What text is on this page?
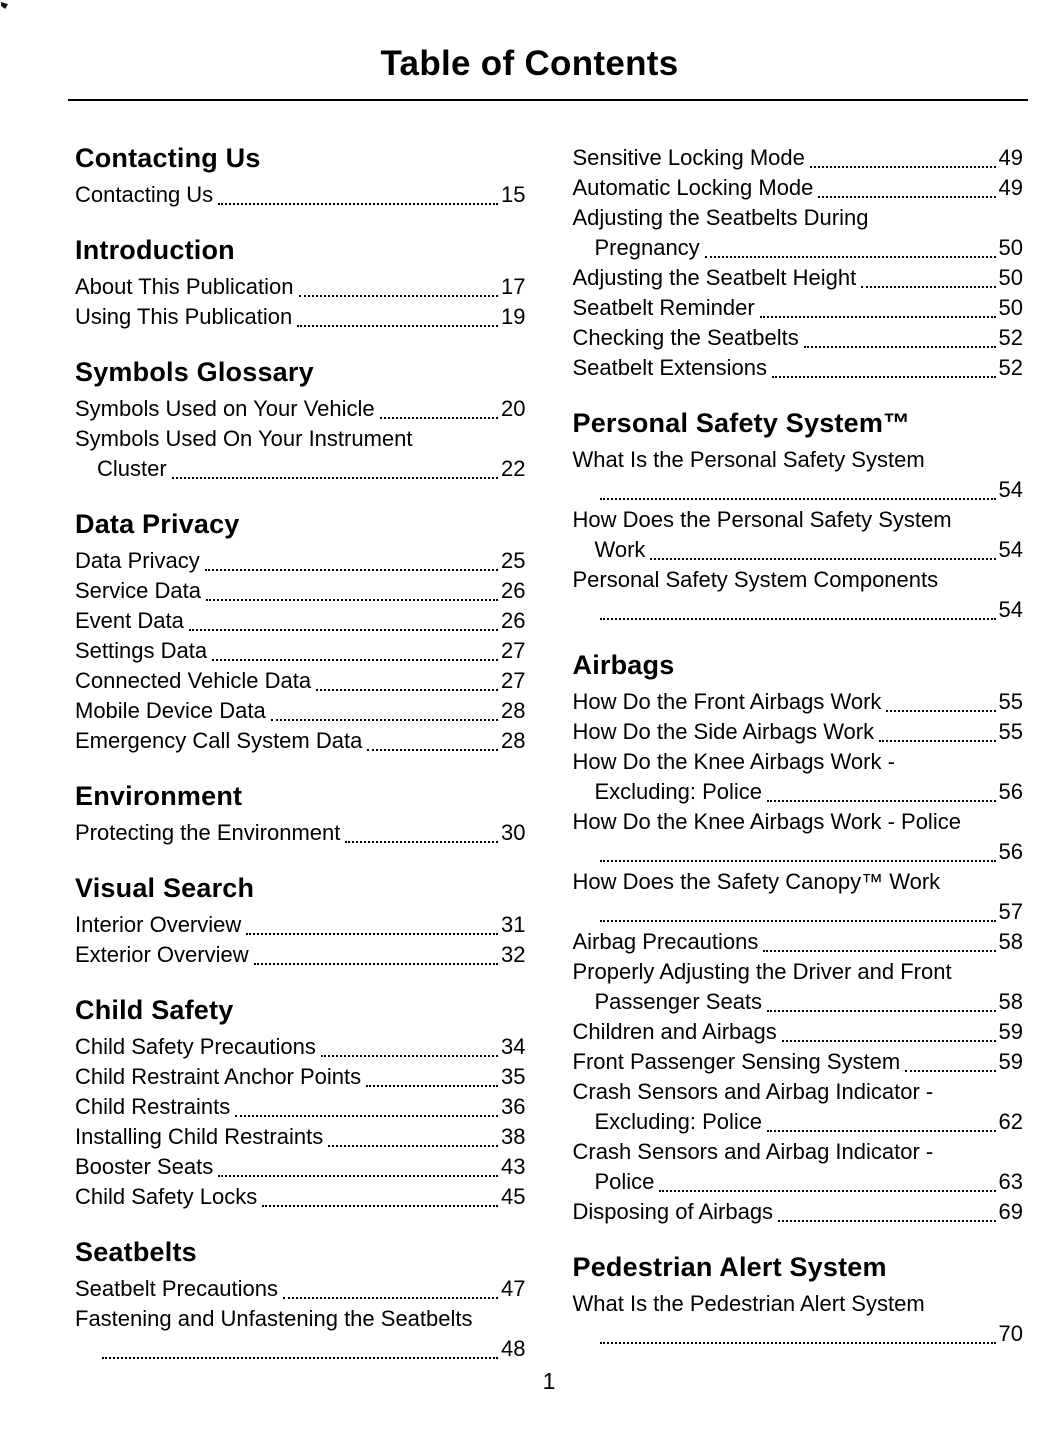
Table of Contents
Contacting Us
Contacting Us	15
Introduction
About This Publication	17
Using This Publication	19
Symbols Glossary
Symbols Used on Your Vehicle	20
Symbols Used On Your Instrument
Cluster	22
Data Privacy
Data Privacy	25
Service Data	26
Event Data	26
Settings Data	27
Connected Vehicle Data	27
Mobile Device Data	28
Emergency Call System Data	28
Environment
Protecting the Environment	30
Visual Search
Interior Overview	31
Exterior Overview	32
Child Safety
Child Safety Precautions	34
Child Restraint Anchor Points	35
Child Restraints	36
Installing Child Restraints	38
Booster Seats	43
Child Safety Locks	45
Seatbelts
Seatbelt Precautions	47
Fastening and Unfastening the Seatbelts
48
Sensitive Locking Mode	49
Automatic Locking Mode	49
Adjusting the Seatbelts During
Pregnancy	50
Adjusting the Seatbelt Height	50
Seatbelt Reminder	50
Checking the Seatbelts	52
Seatbelt Extensions	52
Personal Safety System™
What Is the Personal Safety System
54
How Does the Personal Safety System
Work	54
Personal Safety System Components
54
Airbags
How Do the Front Airbags Work	55
How Do the Side Airbags Work	55
How Do the Knee Airbags Work -
Excluding: Police	56
How Do the Knee Airbags Work - Police
56
How Does the Safety Canopy™ Work
57
Airbag Precautions	58
Properly Adjusting the Driver and Front
Passenger Seats	58
Children and Airbags	59
Front Passenger Sensing System	59
Crash Sensors and Airbag Indicator -
Excluding: Police	62
Crash Sensors and Airbag Indicator -
Police	63
Disposing of Airbags	69
Pedestrian Alert System
What Is the Pedestrian Alert System
70
1
